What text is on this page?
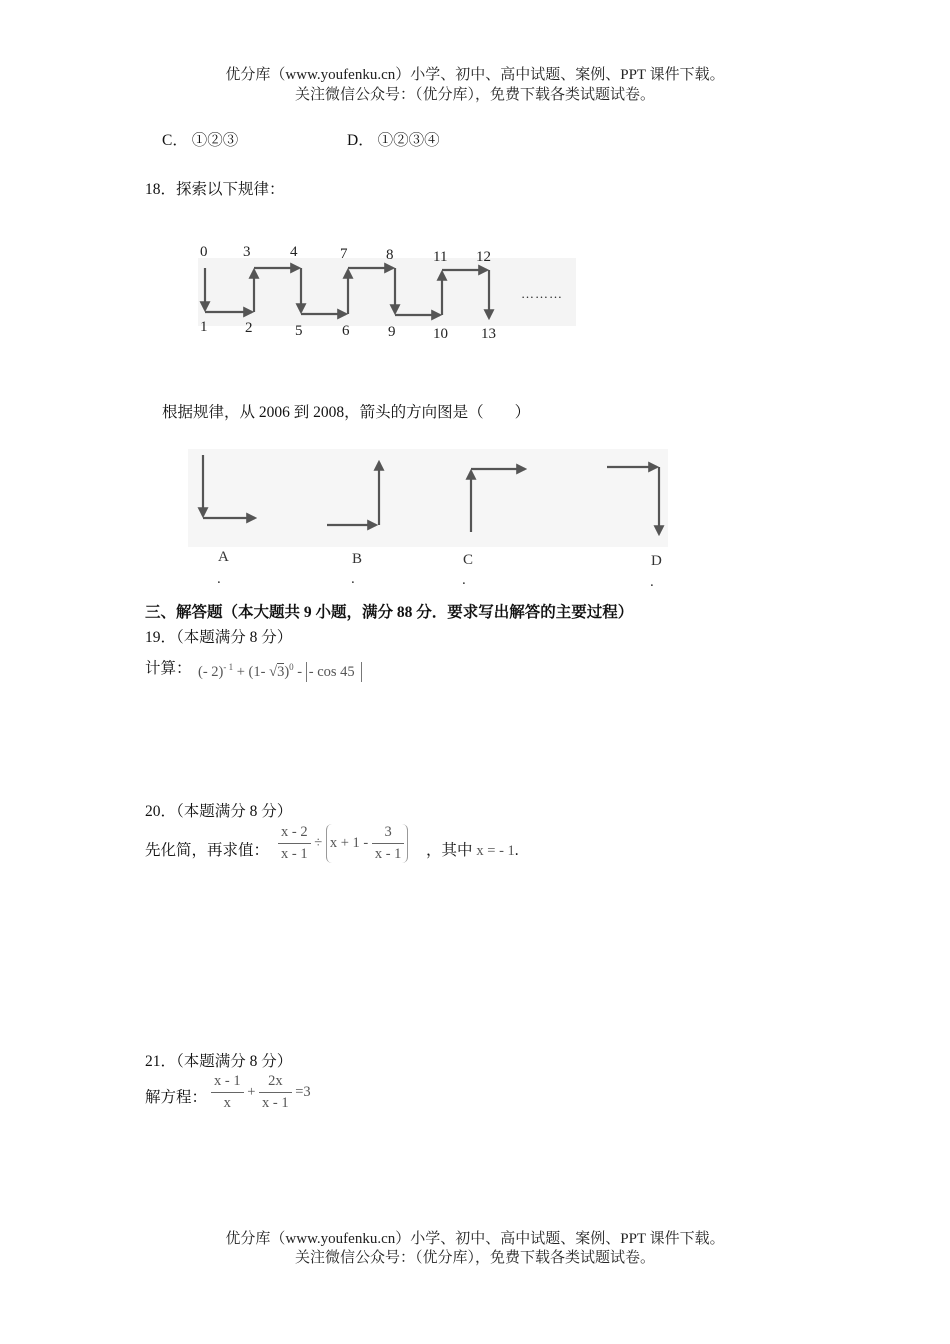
优分库（www.youfenku.cn）小学、初中、高中试题、案例、PPT 课件下载。
关注微信公众号：（优分库），免费下载各类试题试卷。
C． ①②③	D． ①②③④
18．探索以下规律：
0 3	4	7	8	11 12
1	2	5	6	9	10 13
………
A
.
B
.
C
.
D
.
根据规律，从 2006 到 2008，箭头的方向图是（　　）
三、解答题（本大题共 9 小题，满分 88 分．要求写出解答的主要过程）
19．（本题满分 8 分）
计算： (- 2)$^{- 1}$ + (1- √3)$^0$ - - cos 45
20．（本题满分 8 分）
先化简，再求值： $\frac{x - 2}{x - 1} \div x + 1 - \frac{3}{x - 1}$ ，其中 x = - 1.
21．（本题满分 8 分）
解方程： $\frac{x - 1}{x} + \frac{2x}{x - 1} =3$
优分库（www.youfenku.cn）小学、初中、高中试题、案例、PPT 课件下载。
关注微信公众号：（优分库），免费下载各类试题试卷。
